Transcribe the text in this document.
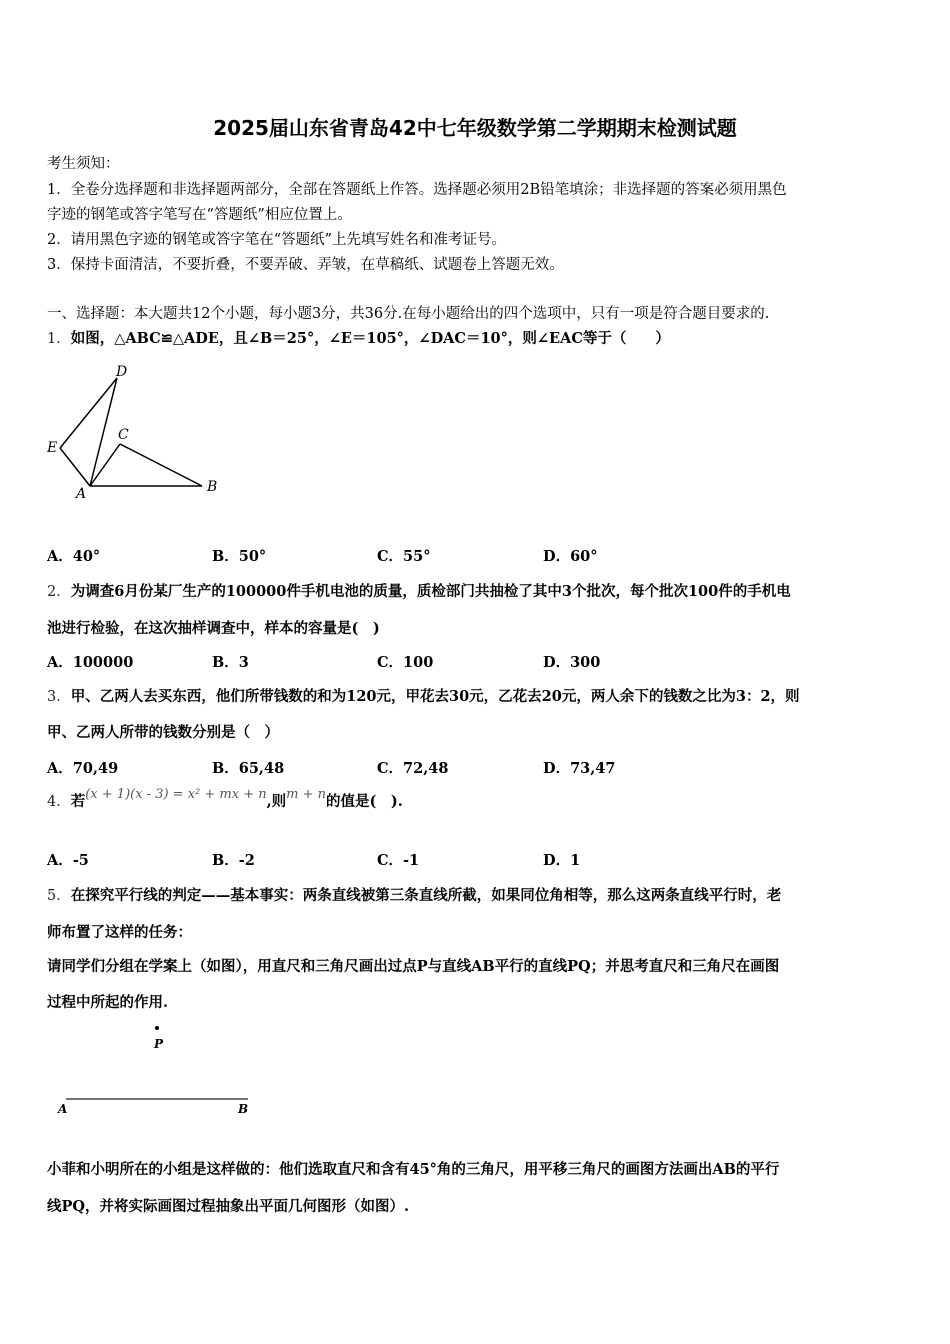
2025届山东省青岛42中七年级数学第二学期期末检测试题
考生须知：
1．全卷分选择题和非选择题两部分，全部在答题纸上作答。选择题必须用2B铅笔填涂；非选择题的答案必须用黑色
字迹的钢笔或答字笔写在“答题纸”相应位置上。
2．请用黑色字迹的钢笔或答字笔在“答题纸”上先填写姓名和准考证号。
3．保持卡面清洁，不要折叠，不要弄破、弄皱，在草稿纸、试题卷上答题无效。
一、选择题：本大题共12个小题，每小题3分，共36分.在每小题给出的四个选项中，只有一项是符合题目要求的.
1．如图，△ABC≌△ADE，且∠B＝25°，∠E＝105°，∠DAC＝10°，则∠EAC等于（　　）
D
E
C
A	B
A．40°	B．50°	C．55°	D．60°
2．为调查6月份某厂生产的100000件手机电池的质量，质检部门共抽检了其中3个批次，每个批次100件的手机电
池进行检验，在这次抽样调查中，样本的容量是(　)
A．100000	B．3	C．100	D．300
3．甲、乙两人去买东西，他们所带钱数的和为120元，甲花去30元，乙花去20元，两人余下的钱数之比为3：2，则
甲、乙两人所带的钱数分别是（　）
A．70,49	B．65,48	C．72,48	D．73,47
4．若(x + 1)(x - 3) = x² + mx + n,则m + n的值是(　).
A．-5	B．-2	C．-1	D．1
5．在探究平行线的判定——基本事实：两条直线被第三条直线所截，如果同位角相等，那么这两条直线平行时，老
师布置了这样的任务：
请同学们分组在学案上（如图），用直尺和三角尺画出过点P与直线AB平行的直线PQ；并思考直尺和三角尺在画图
过程中所起的作用.
P
A	B
小菲和小明所在的小组是这样做的：他们选取直尺和含有45°角的三角尺，用平移三角尺的画图方法画出AB的平行
线PQ，并将实际画图过程抽象出平面几何图形（如图）.
